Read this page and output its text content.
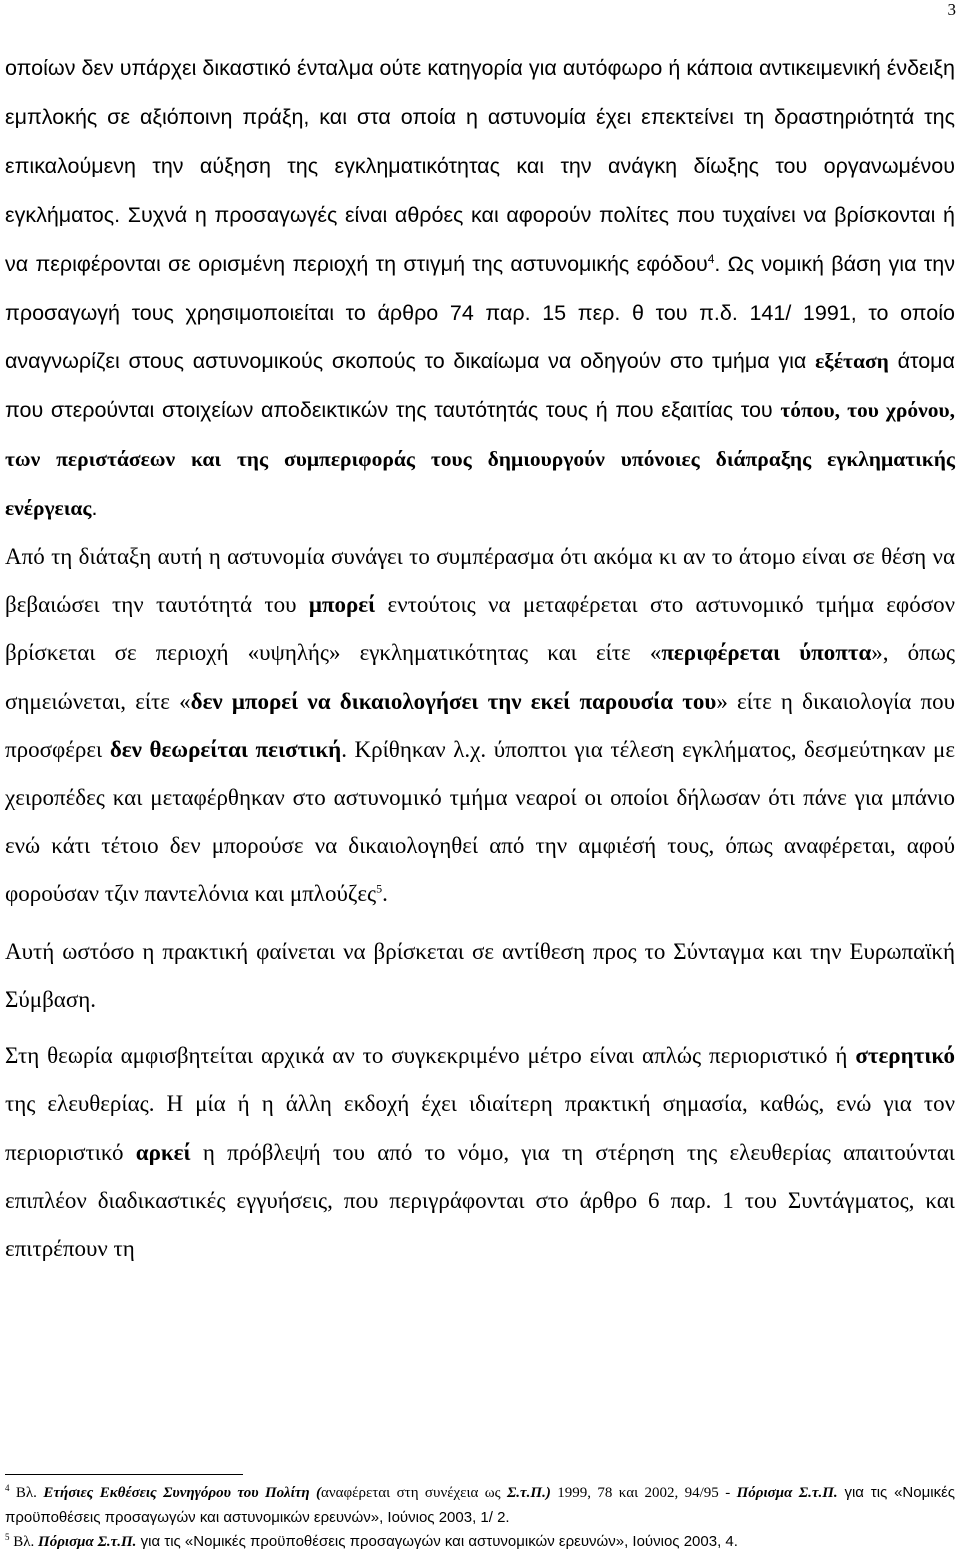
3

οποίων δεν υπάρχει δικαστικό ένταλμα ούτε κατηγορία για αυτόφωρο ή κάποια αντικειμενική ένδειξη εμπλοκής σε αξιόποινη πράξη, και στα οποία η αστυνομία έχει επεκτείνει τη δραστηριότητά της επικαλούμενη την αύξηση της εγκληματικότητας και την ανάγκη δίωξης του οργανωμένου εγκλήματος. Συχνά η προσαγωγές είναι αθρόες και αφορούν πολίτες που τυχαίνει να βρίσκονται ή να περιφέρονται σε ορισμένη περιοχή τη στιγμή της αστυνομικής εφόδου$^4$. Ως νομική βάση για την προσαγωγή τους χρησιμοποιείται το άρθρο 74 παρ. 15 περ. θ του π.δ. 141/ 1991, το οποίο αναγνωρίζει στους αστυνομικούς σκοπούς το δικαίωμα να οδηγούν στο τμήμα για εξέταση άτομα που στερούνται στοιχείων αποδεικτικών της ταυτότητάς τους ή που εξαιτίας του τόπου, του χρόνου, των περιστάσεων και της συμπεριφοράς τους δημιουργούν υπόνοιες διάπραξης εγκληματικής ενέργειας.

Από τη διάταξη αυτή η αστυνομία συνάγει το συμπέρασμα ότι ακόμα κι αν το άτομο είναι σε θέση να βεβαιώσει την ταυτότητά του μπορεί εντούτοις να μεταφέρεται στο αστυνομικό τμήμα εφόσον βρίσκεται σε περιοχή «υψηλής» εγκληματικότητας και είτε «περιφέρεται ύποπτα», όπως σημειώνεται, είτε «δεν μπορεί να δικαιολογήσει την εκεί παρουσία του» είτε η δικαιολογία που προσφέρει δεν θεωρείται πειστική. Κρίθηκαν λ.χ. ύποπτοι για τέλεση εγκλήματος, δεσμεύτηκαν με χειροπέδες και μεταφέρθηκαν στο αστυνομικό τμήμα νεαροί οι οποίοι δήλωσαν ότι πάνε για μπάνιο ενώ κάτι τέτοιο δεν μπορούσε να δικαιολογηθεί από την αμφιέσή τους, όπως αναφέρεται, αφού φορούσαν τζιν παντελόνια και μπλούζες$^5$.

Αυτή ωστόσο η πρακτική φαίνεται να βρίσκεται σε αντίθεση προς το Σύνταγμα και την Ευρωπαϊκή Σύμβαση.

Στη θεωρία αμφισβητείται αρχικά αν το συγκεκριμένο μέτρο είναι απλώς περιοριστικό ή στερητικό της ελευθερίας. Η μία ή η άλλη εκδοχή έχει ιδιαίτερη πρακτική σημασία, καθώς, ενώ για τον περιοριστικό αρκεί η πρόβλεψή του από το νόμο, για τη στέρηση της ελευθερίας απαιτούνται επιπλέον διαδικαστικές εγγυήσεις, που περιγράφονται στο άρθρο 6 παρ. 1 του Συντάγματος, και επιτρέπουν τη

$^4$ Βλ. Ετήσιες Εκθέσεις Συνηγόρου του Πολίτη (αναφέρεται στη συνέχεια ως Σ.τ.Π.) 1999, 78 και 2002, 94/95 - Πόρισμα Σ.τ.Π. για τις «Νομικές προϋποθέσεις προσαγωγών και αστυνομικών ερευνών», Ιούνιος 2003, 1/ 2.

$^5$ Βλ. Πόρισμα Σ.τ.Π. για τις «Νομικές προϋποθέσεις προσαγωγών και αστυνομικών ερευνών», Ιούνιος 2003, 4.
